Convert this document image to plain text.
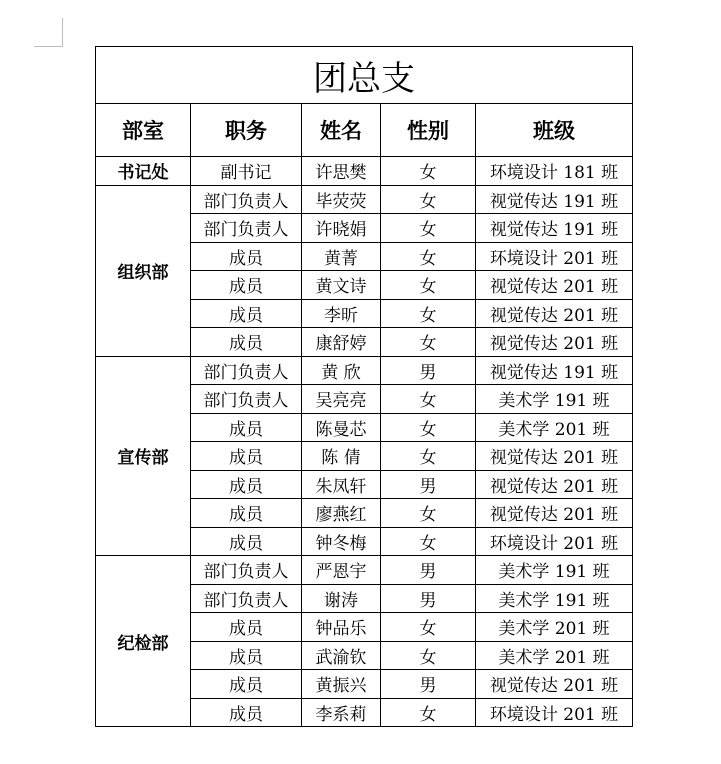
团总支				
部室	职务	姓名	性别	班级
书记处	副书记	许思樊	女	环境设计 181 班
组织部	部门负责人	毕荧荧	女	视觉传达 191 班
	部门负责人	许晓娟	女	视觉传达 191 班
	成员	黄菁	女	环境设计 201 班
	成员	黄文诗	女	视觉传达 201 班
	成员	李昕	女	视觉传达 201 班
	成员	康舒婷	女	视觉传达 201 班
宣传部	部门负责人	黄 欣	男	视觉传达 191 班
	部门负责人	吴亮亮	女	美术学 191 班
	成员	陈曼芯	女	美术学 201 班
	成员	陈 倩	女	视觉传达 201 班
	成员	朱凤轩	男	视觉传达 201 班
	成员	廖燕红	女	视觉传达 201 班
	成员	钟冬梅	女	环境设计 201 班
纪检部	部门负责人	严恩宇	男	美术学 191 班
	部门负责人	谢涛	男	美术学 191 班
	成员	钟品乐	女	美术学 201 班
	成员	武渝钦	女	美术学 201 班
	成员	黄振兴	男	视觉传达 201 班
	成员	李系莉	女	环境设计 201 班
